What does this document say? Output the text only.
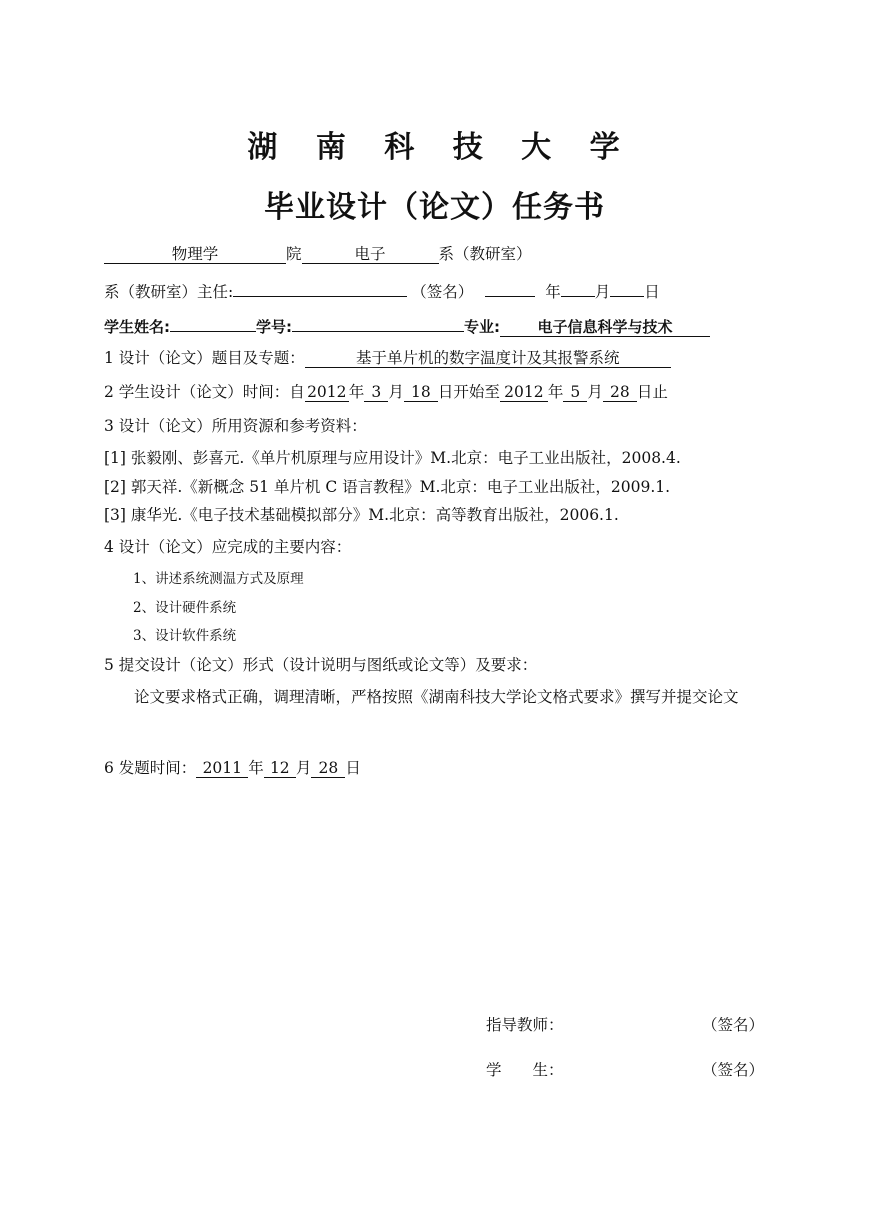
湖 南 科 技 大 学
毕业设计（论文）任务书
物理学	院	电子	系（教研室）
系（教研室）主任:	（签名）	年 月 日
学生姓名:	学号:	专业: 电子信息科学与技术
1 设计（论文）题目及专题：	基于单片机的数字温度计及其报警系统
2 学生设计（论文）时间：自 2012 年 3 月 18 日开始至 2012 年 5 月 28 日止
3 设计（论文）所用资源和参考资料：
[1] 张毅刚、彭喜元.《单片机原理与应用设计》M.北京：电子工业出版社，2008.4.
[2] 郭天祥.《新概念 51 单片机 C 语言教程》M.北京：电子工业出版社，2009.1.
[3] 康华光.《电子技术基础模拟部分》M.北京：高等教育出版社，2006.1.
4 设计（论文）应完成的主要内容：
1、讲述系统测温方式及原理
2、设计硬件系统
3、设计软件系统
5 提交设计（论文）形式（设计说明与图纸或论文等）及要求：
论文要求格式正确，调理清晰，严格按照《湖南科技大学论文格式要求》撰写并提交论文
6 发题时间： 2011 年 12 月 28 日
指导教师：	（签名）
学　　生：	（签名）
